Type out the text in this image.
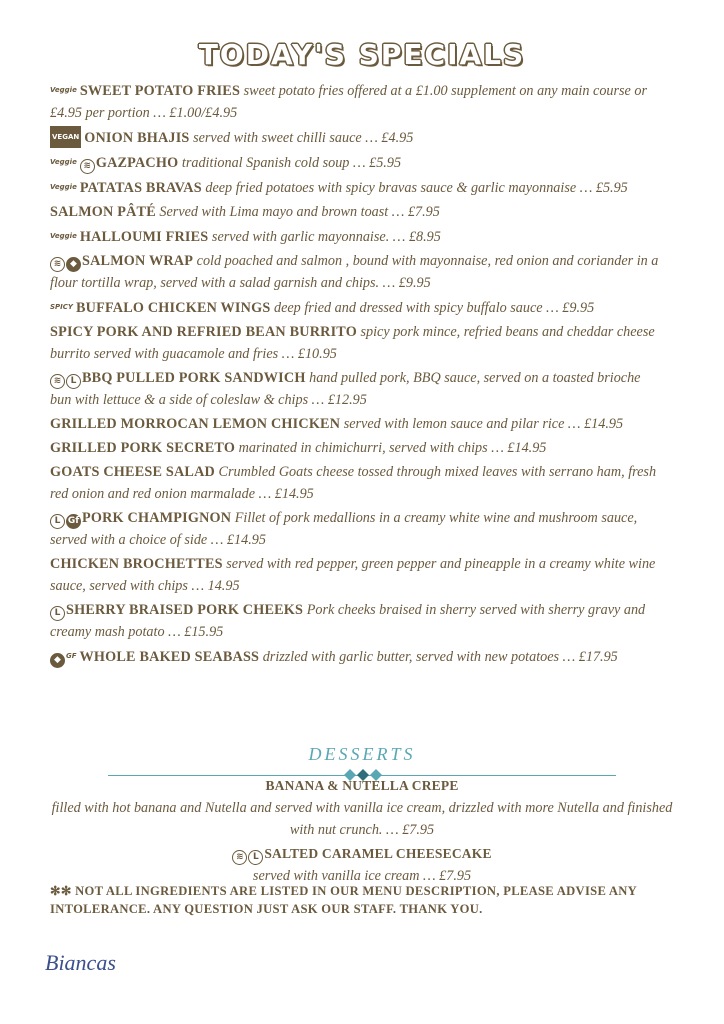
TODAY'S SPECIALS
Veggie SWEET POTATO FRIES sweet potato fries offered at a £1.00 supplement on any main course or £4.95 per portion … £1.00/£4.95
VEGAN ONION BHAJIS served with sweet chilli sauce … £4.95
Veggie ≋ GAZPACHO traditional Spanish cold soup … £5.95
Veggie PATATAS BRAVAS deep fried potatoes with spicy bravas sauce & garlic mayonnaise … £5.95
SALMON PÂTÉ Served with Lima mayo and brown toast … £7.95
Veggie HALLOUMI FRIES served with garlic mayonnaise. … £8.95
≋ ◆ SALMON WRAP cold poached and salmon , bound with mayonnaise, red onion and coriander in a flour tortilla wrap, served with a salad garnish and chips. … £9.95
SPICY BUFFALO CHICKEN WINGS deep fried and dressed with spicy buffalo sauce … £9.95
SPICY PORK AND REFRIED BEAN BURRITO spicy pork mince, refried beans and cheddar cheese burrito served with guacamole and fries … £10.95
≋ L BBQ PULLED PORK SANDWICH hand pulled pork, BBQ sauce, served on a toasted brioche bun with lettuce & a side of coleslaw & chips … £12.95
GRILLED MORROCAN LEMON CHICKEN served with lemon sauce and pilar rice … £14.95
GRILLED PORK SECRETO marinated in chimichurri, served with chips … £14.95
GOATS CHEESE SALAD Crumbled Goats cheese tossed through mixed leaves with serrano ham, fresh red onion and red onion marmalade … £14.95
L Gf PORK CHAMPIGNON Fillet of pork medallions in a creamy white wine and mushroom sauce, served with a choice of side … £14.95
CHICKEN BROCHETTES served with red pepper, green pepper and pineapple in a creamy white wine sauce, served with chips … 14.95
L SHERRY BRAISED PORK CHEEKS Pork cheeks braised in sherry served with sherry gravy and creamy mash potato … £15.95
◆ GF WHOLE BAKED SEABASS drizzled with garlic butter, served with new potatoes … £17.95
DESSERTS
BANANA & NUTELLA CREPE
filled with hot banana and Nutella and served with vanilla ice cream, drizzled with more Nutella and finished with nut crunch. … £7.95
≋ L SALTED CARAMEL CHEESECAKE
served with vanilla ice cream … £7.95
✻✻ NOT ALL INGREDIENTS ARE LISTED IN OUR MENU DESCRIPTION, PLEASE ADVISE ANY INTOLERANCE. ANY QUESTION JUST ASK OUR STAFF. THANK YOU.
Biancas
